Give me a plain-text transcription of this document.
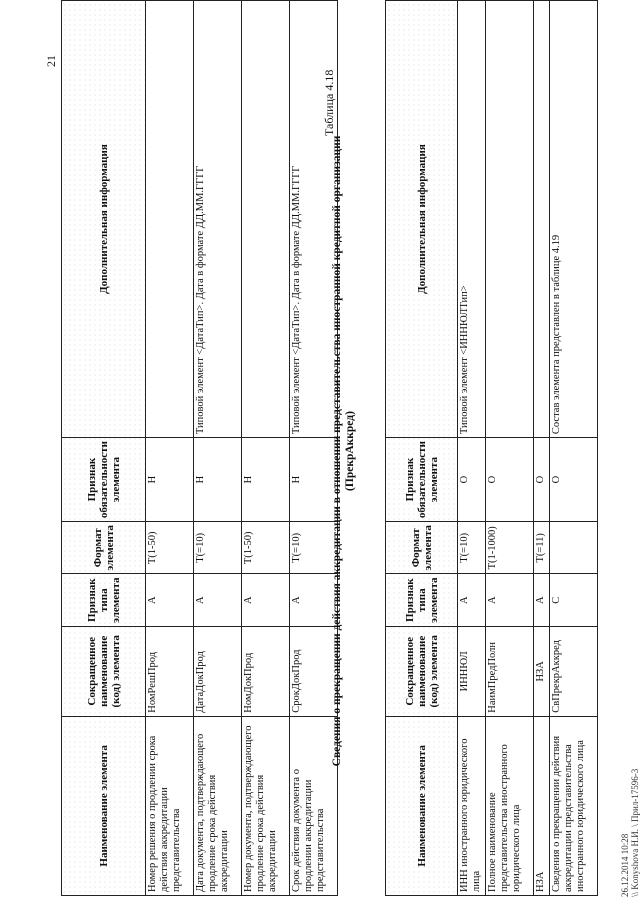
21
Наименование элемента	Сокращенное наименование (код) элемента	Признак типа элемента	Формат элемента	Признак обязательности элемента	Дополнительная информация
Номер решения о продлении срока действия аккредитации представительства	НомРешПрод	А	Т(1-50)	Н	
Дата документа, подтверждающего продление срока действия аккредитации	ДатаДокПрод	А	Т(=10)	Н	Типовой элемент <ДатаТип>. Дата в формате ДД.ММ.ГГГГ
Номер документа, подтверждающего продление срока действия аккредитации	НомДокПрод	А	Т(1-50)	Н	
Срок действия документа о продлении аккредитации представительства	СрокДокПрод	А	Т(=10)	Н	Типовой элемент <ДатаТип>. Дата в формате ДД.ММ.ГГГГ
Таблица 4.18
Сведения о прекращении действия аккредитации в отношении представительства иностранной кредитной организации (ПрекрАккред)
Наименование элемента	Сокращенное наименование (код) элемента	Признак типа элемента	Формат элемента	Признак обязательности элемента	Дополнительная информация
ИНН иностранного юридического лица	ИННЮЛ	А	Т(=10)	О	Типовой элемент <ИННЮЛТип>
Полное наименование представительства иностранного юридического лица	НаимПредПолн	А	Т(1-1000)	О	
НЗА	НЗА	А	Т(=11)	О	
Сведения о прекращении действия аккредитации представительства иностранного юридического лица	СвПрекрАккред	С		О	Состав элемента представлен в таблице 4.19
26.12.2014 10:28 \\ Konyshova Н.И. \ Прил-17596-3
